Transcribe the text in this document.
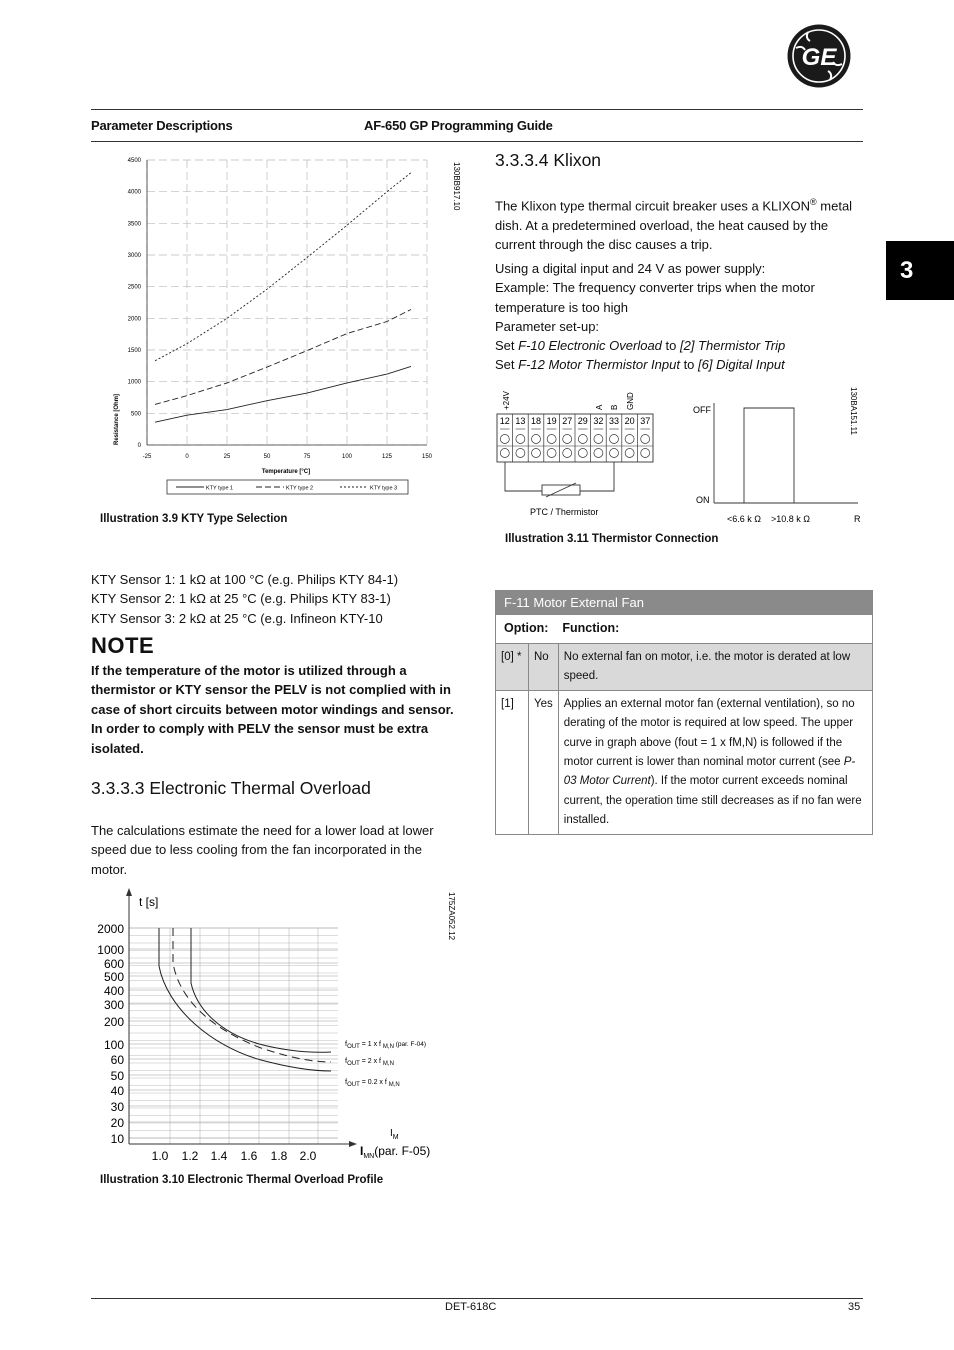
GE
Parameter Descriptions	AF-650 GP Programming Guide
3
-25	0	25	50	75	100	125	150
0
500
1000
1500
2000
2500
3000
3500
4000
4500
Resistance [Ohm]
Temperature [°C]
130BB917.10
KTY type 1	KTY type 2	KTY type 3
Illustration 3.9 KTY Type Selection
KTY Sensor 1: 1 kΩ at 100 °C (e.g. Philips KTY 84-1)
KTY Sensor 2: 1 kΩ at 25 °C (e.g. Philips KTY 83-1)
KTY Sensor 3: 2 kΩ at 25 °C (e.g. Infineon KTY-10
NOTE
If the temperature of the motor is utilized through a thermistor or KTY sensor the PELV is not complied with in case of short circuits between motor windings and sensor. In order to comply with PELV the sensor must be extra isolated.
3.3.3.3 Electronic Thermal Overload
The calculations estimate the need for a lower load at lower speed due to less cooling from the fan incorporated in the motor.
2000
1000
600
500
400
300
200
100
60
50
40
30
20
10
1.0 1.2 1.4 1.6 1.8 2.0
t [s]	175ZA052.12
$I_M$
$I_{MN}(par$. F-05)
$f_{OUT} = 1$ x f $_{M,N}$ (par. F-04)
$f_{OUT} = 2$ x f $_{M,N}$
$f_{OUT} = 0.2$ x f $_{M,N}$
Illustration 3.10 Electronic Thermal Overload Profile
3.3.3.4 Klixon
The Klixon type thermal circuit breaker uses a KLIXON® metal dish. At a predetermined overload, the heat caused by the current through the disc causes a trip.
Using a digital input and 24 V as power supply:
Example: The frequency converter trips when the motor temperature is too high
Parameter set-up:
Set F-10 Electronic Overload to [2] Thermistor Trip
Set F-12 Motor Thermistor Input to [6] Digital Input
12 13 18 19 27 29 32 33 20 37
+24V	A B GND
PTC / Thermistor
OFF
ON
<6.6 k Ω >10.8 k Ω	R
130BA151.11
Illustration 3.11 Thermistor Connection
F-11 Motor External Fan		
Option: Function:		
[0] *	No	No external fan on motor, i.e. the motor is derated at low speed.
[1]	Yes	Applies an external motor fan (external ventilation), so no derating of the motor is required at low speed. The upper curve in graph above (fout = 1 x fM,N) is followed if the motor current is lower than nominal motor current (see P-03 Motor Current). If the motor current exceeds nominal current, the operation time still decreases as if no fan were installed.
DET-618C	35
